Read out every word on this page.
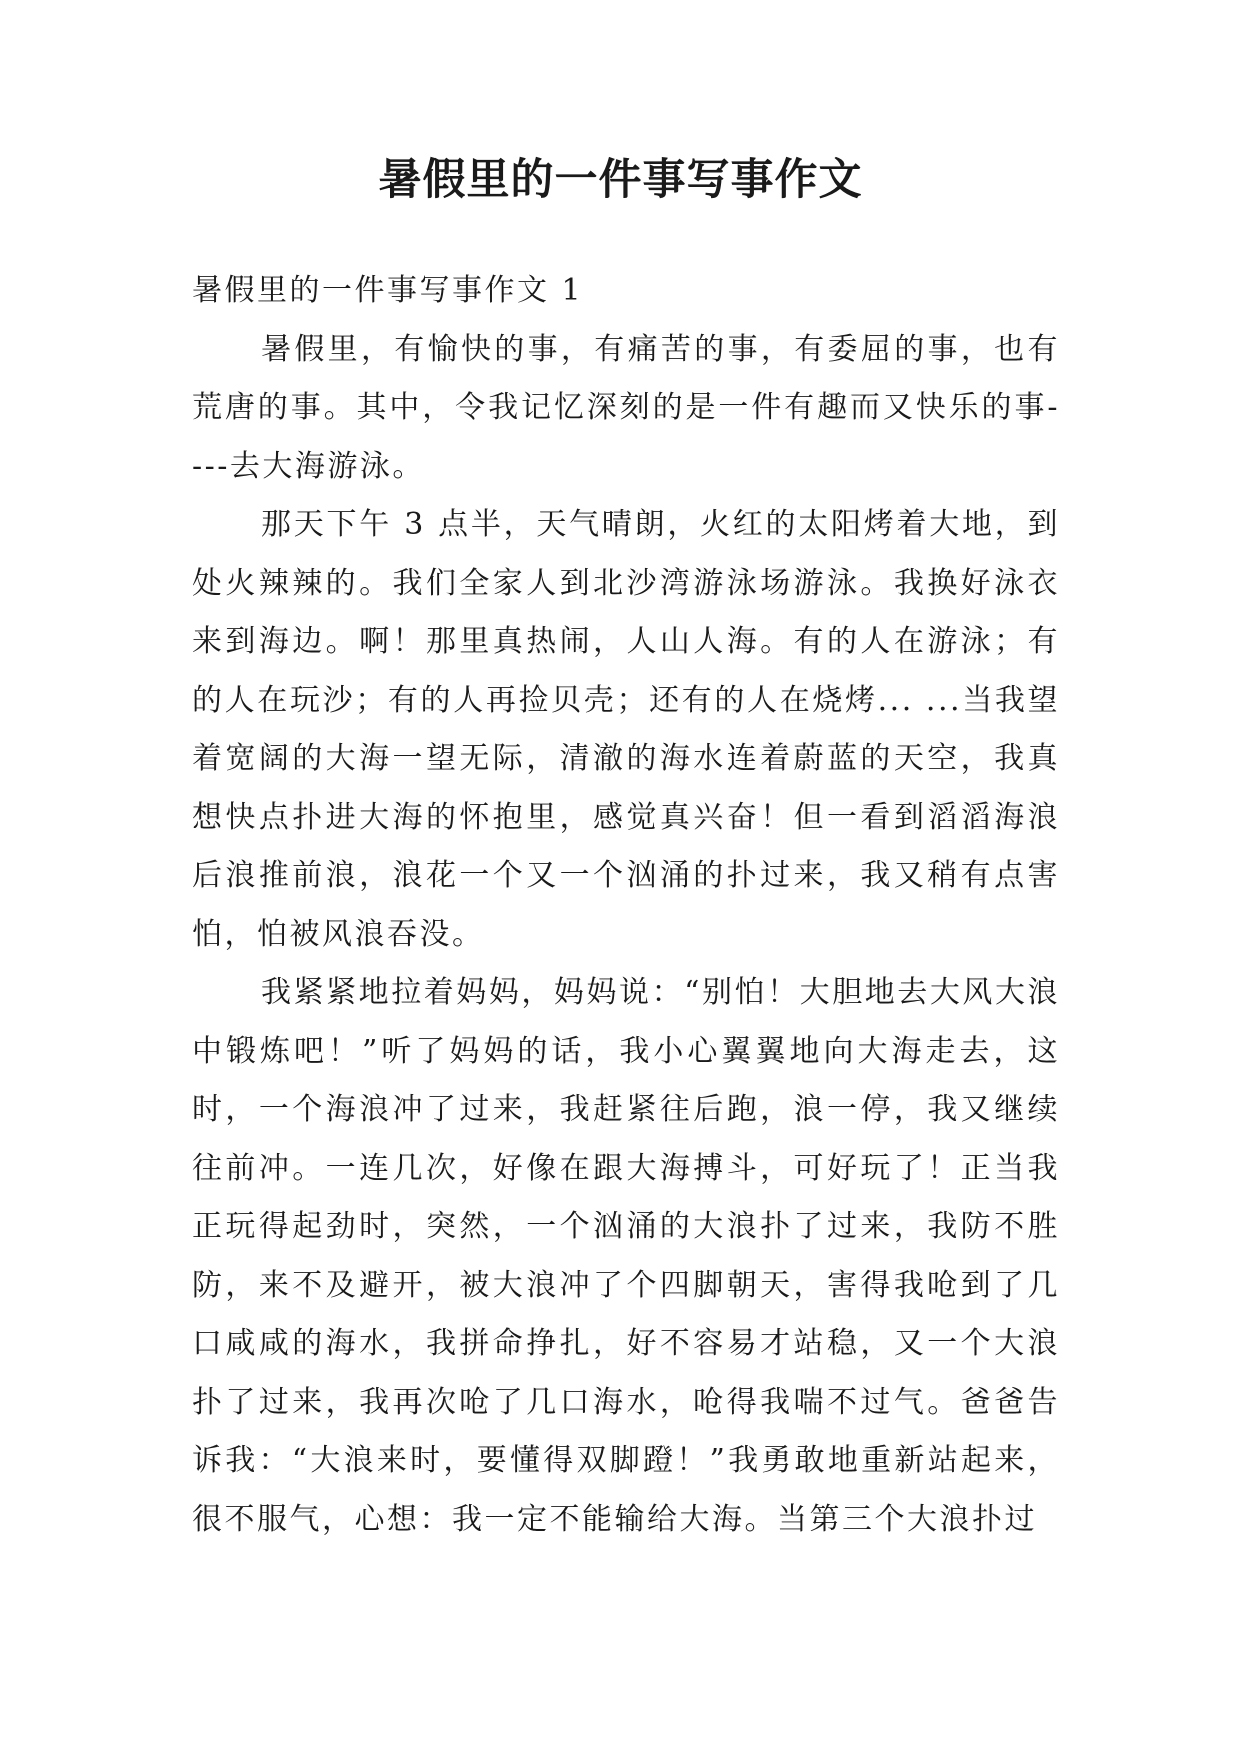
暑假里的一件事写事作文
暑假里的一件事写事作文 1

暑假里，有愉快的事，有痛苦的事，有委屈的事，也有荒唐的事。其中，令我记忆深刻的是一件有趣而又快乐的事----去大海游泳。

那天下午 3 点半，天气晴朗，火红的太阳烤着大地，到处火辣辣的。我们全家人到北沙湾游泳场游泳。我换好泳衣来到海边。啊！那里真热闹，人山人海。有的人在游泳；有的人在玩沙；有的人再捡贝壳；还有的人在烧烤... ...当我望着宽阔的大海一望无际，清澈的海水连着蔚蓝的天空，我真想快点扑进大海的怀抱里，感觉真兴奋！但一看到滔滔海浪后浪推前浪，浪花一个又一个汹涌的扑过来，我又稍有点害怕，怕被风浪吞没。

我紧紧地拉着妈妈，妈妈说：“别怕！大胆地去大风大浪中锻炼吧！”听了妈妈的话，我小心翼翼地向大海走去，这时，一个海浪冲了过来，我赶紧往后跑，浪一停，我又继续往前冲。一连几次，好像在跟大海搏斗，可好玩了！正当我正玩得起劲时，突然，一个汹涌的大浪扑了过来，我防不胜防，来不及避开，被大浪冲了个四脚朝天，害得我呛到了几口咸咸的海水，我拼命挣扎，好不容易才站稳，又一个大浪扑了过来，我再次呛了几口海水，呛得我喘不过气。爸爸告诉我：“大浪来时，要懂得双脚蹬！”我勇敢地重新站起来，很不服气，心想：我一定不能输给大海。当第三个大浪扑过
